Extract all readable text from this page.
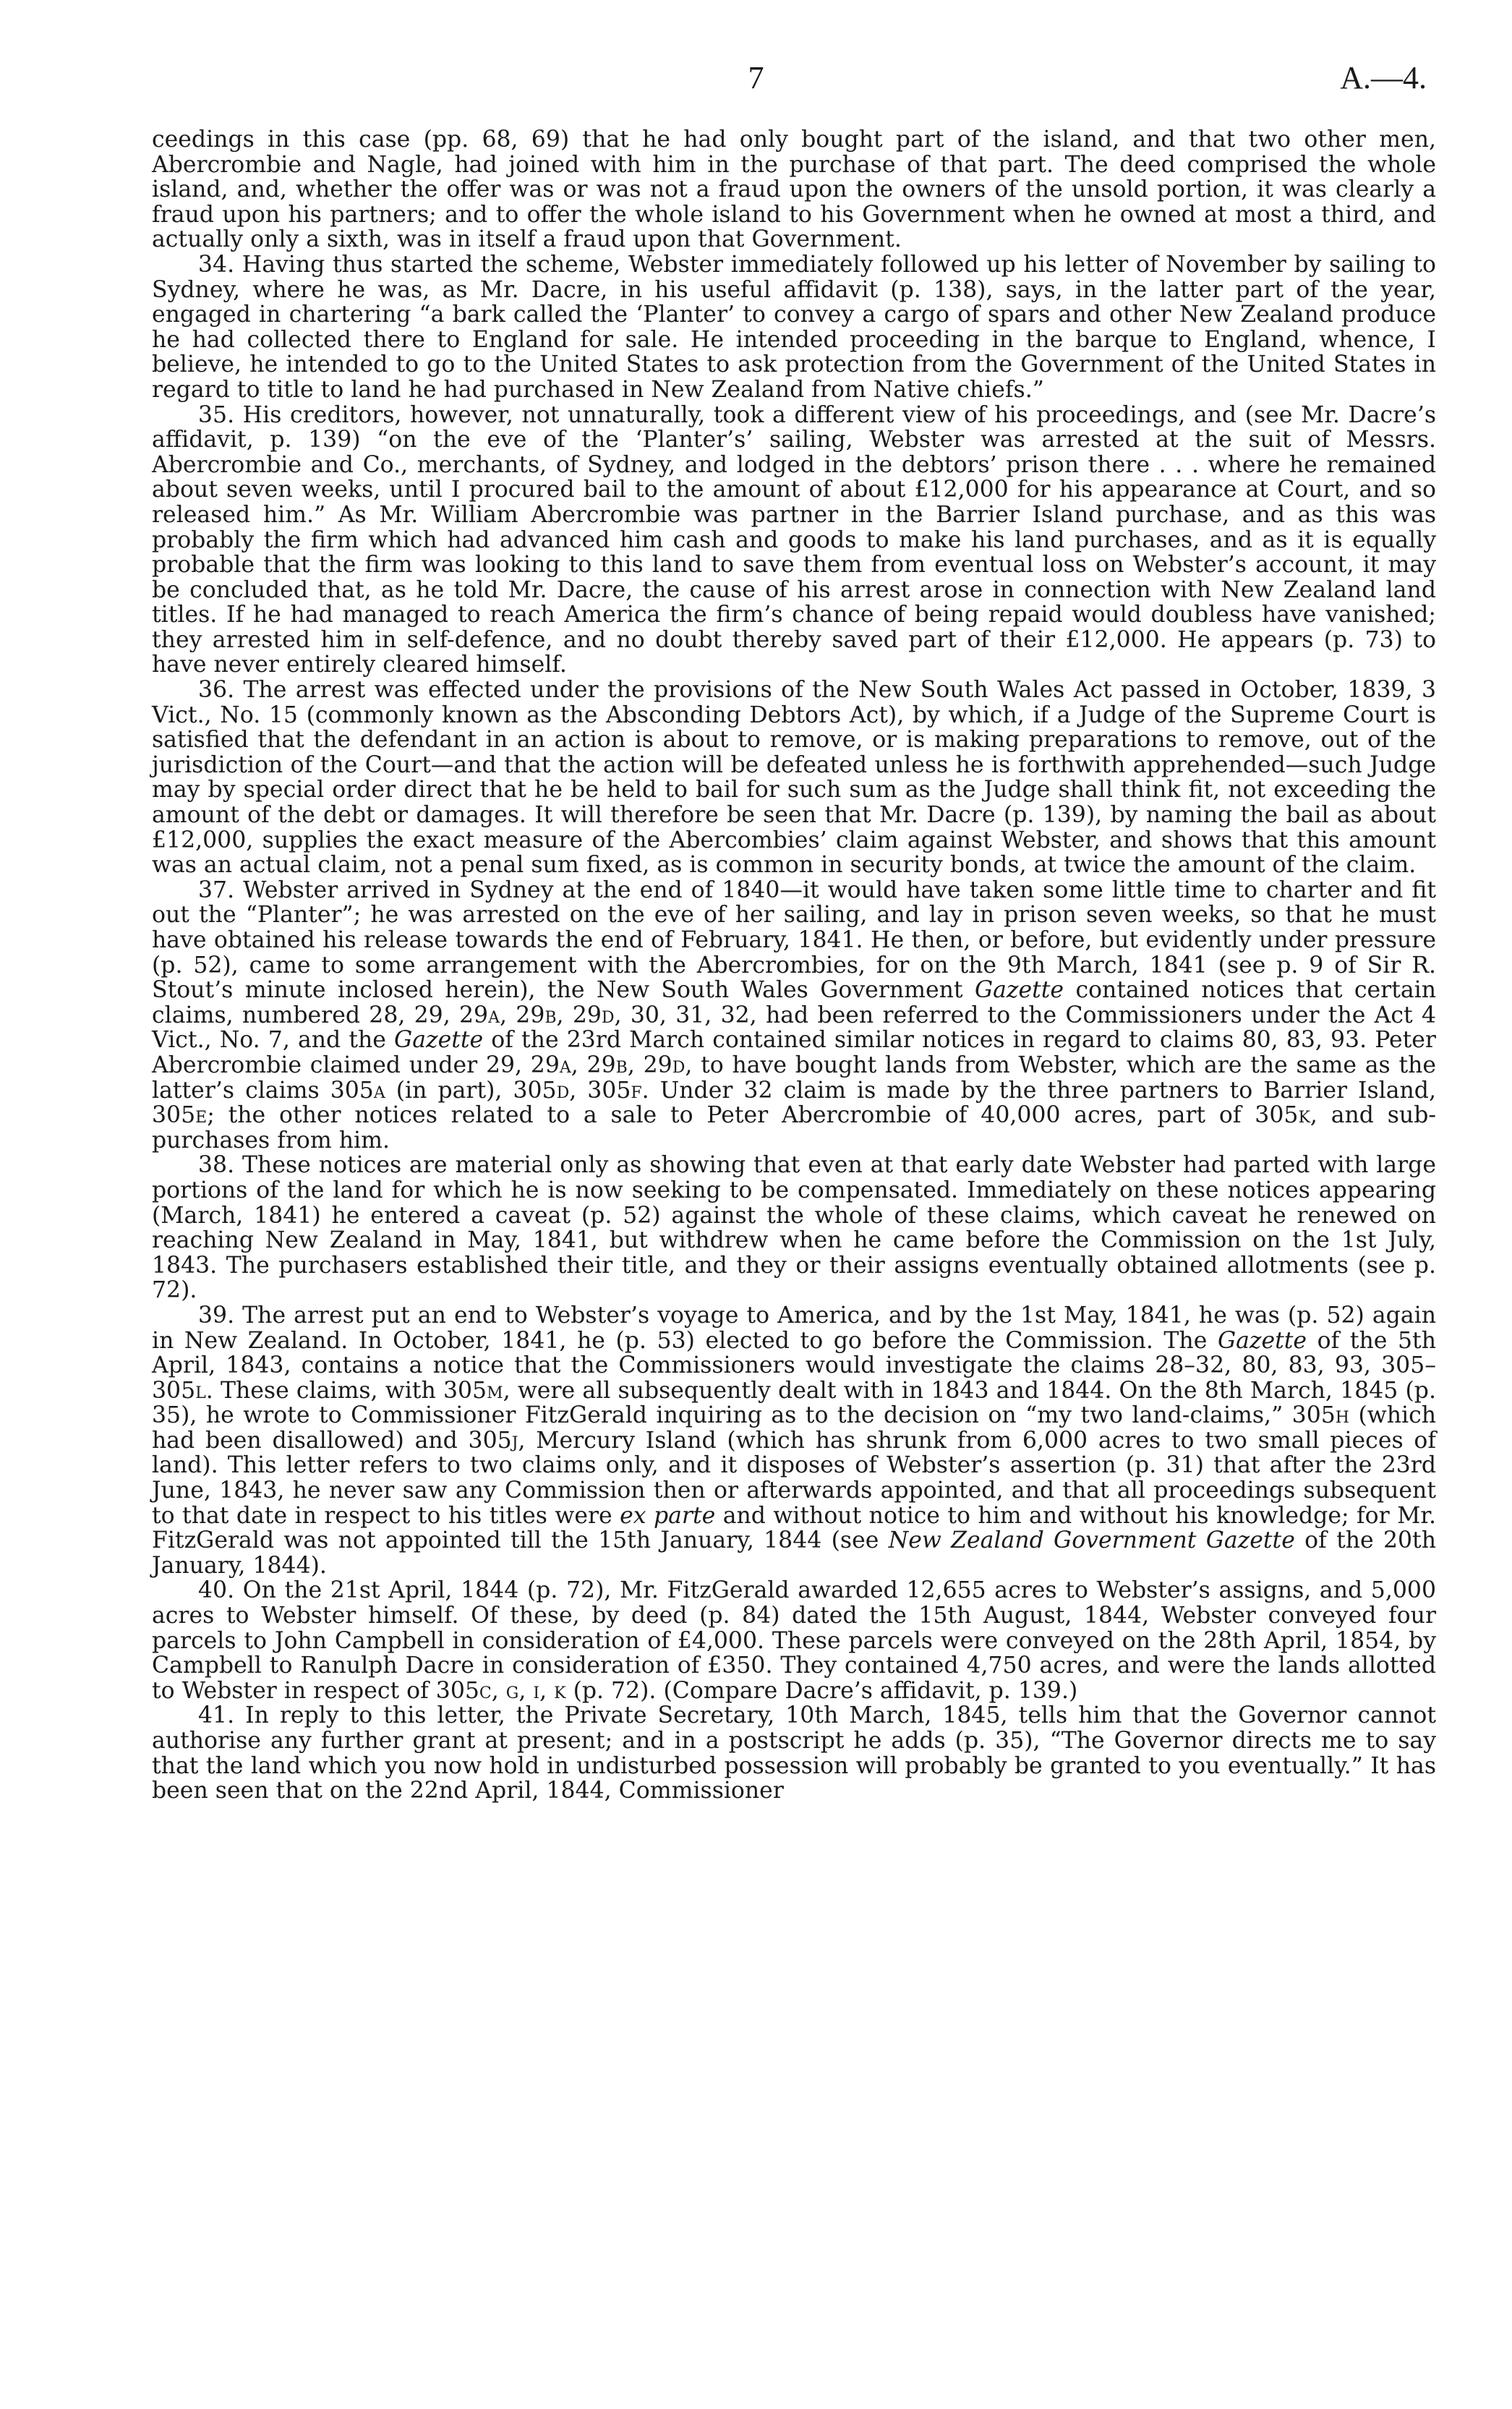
7	A.—4.

ceedings in this case (pp. 68, 69) that he had only bought part of the island, and that two other men, Abercrombie and Nagle, had joined with him in the purchase of that part. The deed comprised the whole island, and, whether the offer was or was not a fraud upon the owners of the unsold portion, it was clearly a fraud upon his partners; and to offer the whole island to his Government when he owned at most a third, and actually only a sixth, was in itself a fraud upon that Government.

34. Having thus started the scheme, Webster immediately followed up his letter of November by sailing to Sydney, where he was, as Mr. Dacre, in his useful affidavit (p. 138), says, in the latter part of the year, engaged in chartering “a bark called the ‘Planter’ to convey a cargo of spars and other New Zealand produce he had collected there to England for sale. He intended proceeding in the barque to England, whence, I believe, he intended to go to the United States to ask protection from the Government of the United States in regard to title to land he had purchased in New Zealand from Native chiefs.”

35. His creditors, however, not unnaturally, took a different view of his proceedings, and (see Mr. Dacre’s affidavit, p. 139) “on the eve of the ‘Planter’s’ sailing, Webster was arrested at the suit of Messrs. Abercrombie and Co., merchants, of Sydney, and lodged in the debtors’ prison there . . . where he remained about seven weeks, until I procured bail to the amount of about £12,000 for his appearance at Court, and so released him.” As Mr. William Abercrombie was partner in the Barrier Island purchase, and as this was probably the firm which had advanced him cash and goods to make his land purchases, and as it is equally probable that the firm was looking to this land to save them from eventual loss on Webster’s account, it may be concluded that, as he told Mr. Dacre, the cause of his arrest arose in connection with New Zealand land titles. If he had managed to reach America the firm’s chance of being repaid would doubless have vanished; they arrested him in self-defence, and no doubt thereby saved part of their £12,000. He appears (p. 73) to have never entirely cleared himself.

36. The arrest was effected under the provisions of the New South Wales Act passed in October, 1839, 3 Vict., No. 15 (commonly known as the Absconding Debtors Act), by which, if a Judge of the Supreme Court is satisfied that the defendant in an action is about to remove, or is making preparations to remove, out of the jurisdiction of the Court—and that the action will be defeated unless he is forthwith apprehended—such Judge may by special order direct that he be held to bail for such sum as the Judge shall think fit, not exceeding the amount of the debt or damages. It will therefore be seen that Mr. Dacre (p. 139), by naming the bail as about £12,000, supplies the exact measure of the Abercombies’ claim against Webster, and shows that this amount was an actual claim, not a penal sum fixed, as is common in security bonds, at twice the amount of the claim.

37. Webster arrived in Sydney at the end of 1840—it would have taken some little time to charter and fit out the “Planter”; he was arrested on the eve of her sailing, and lay in prison seven weeks, so that he must have obtained his release towards the end of February, 1841. He then, or before, but evidently under pressure (p. 52), came to some arrangement with the Abercrombies, for on the 9th March, 1841 (see p. 9 of Sir R. Stout’s minute inclosed herein), the New South Wales Government Gazette contained notices that certain claims, numbered 28, 29, 29a, 29b, 29d, 30, 31, 32, had been referred to the Commissioners under the Act 4 Vict., No. 7, and the Gazette of the 23rd March contained similar notices in regard to claims 80, 83, 93. Peter Abercrombie claimed under 29, 29a, 29b, 29d, to have bought lands from Webster, which are the same as the latter’s claims 305a (in part), 305d, 305f. Under 32 claim is made by the three partners to Barrier Island, 305e; the other notices related to a sale to Peter Abercrombie of 40,000 acres, part of 305k, and sub-purchases from him.

38. These notices are material only as showing that even at that early date Webster had parted with large portions of the land for which he is now seeking to be compensated. Immediately on these notices appearing (March, 1841) he entered a caveat (p. 52) against the whole of these claims, which caveat he renewed on reaching New Zealand in May, 1841, but withdrew when he came before the Commission on the 1st July, 1843. The purchasers established their title, and they or their assigns eventually obtained allotments (see p. 72).

39. The arrest put an end to Webster’s voyage to America, and by the 1st May, 1841, he was (p. 52) again in New Zealand. In October, 1841, he (p. 53) elected to go before the Commission. The Gazette of the 5th April, 1843, contains a notice that the Commissioners would investigate the claims 28–32, 80, 83, 93, 305–305l. These claims, with 305m, were all subsequently dealt with in 1843 and 1844. On the 8th March, 1845 (p. 35), he wrote to Commissioner FitzGerald inquiring as to the decision on “my two land-claims,” 305h (which had been disallowed) and 305j, Mercury Island (which has shrunk from 6,000 acres to two small pieces of land). This letter refers to two claims only, and it disposes of Webster’s assertion (p. 31) that after the 23rd June, 1843, he never saw any Commission then or afterwards appointed, and that all proceedings subsequent to that date in respect to his titles were ex parte and without notice to him and without his knowledge; for Mr. FitzGerald was not appointed till the 15th January, 1844 (see New Zealand Government Gazette of the 20th January, 1844).

40. On the 21st April, 1844 (p. 72), Mr. FitzGerald awarded 12,655 acres to Webster’s assigns, and 5,000 acres to Webster himself. Of these, by deed (p. 84) dated the 15th August, 1844, Webster conveyed four parcels to John Campbell in consideration of £4,000. These parcels were conveyed on the 28th April, 1854, by Campbell to Ranulph Dacre in consideration of £350. They contained 4,750 acres, and were the lands allotted to Webster in respect of 305c, g, i, k (p. 72). (Compare Dacre’s affidavit, p. 139.)

41. In reply to this letter, the Private Secretary, 10th March, 1845, tells him that the Governor cannot authorise any further grant at present; and in a postscript he adds (p. 35), “The Governor directs me to say that the land which you now hold in undisturbed possession will probably be granted to you eventually.” It has been seen that on the 22nd April, 1844, Commissioner
